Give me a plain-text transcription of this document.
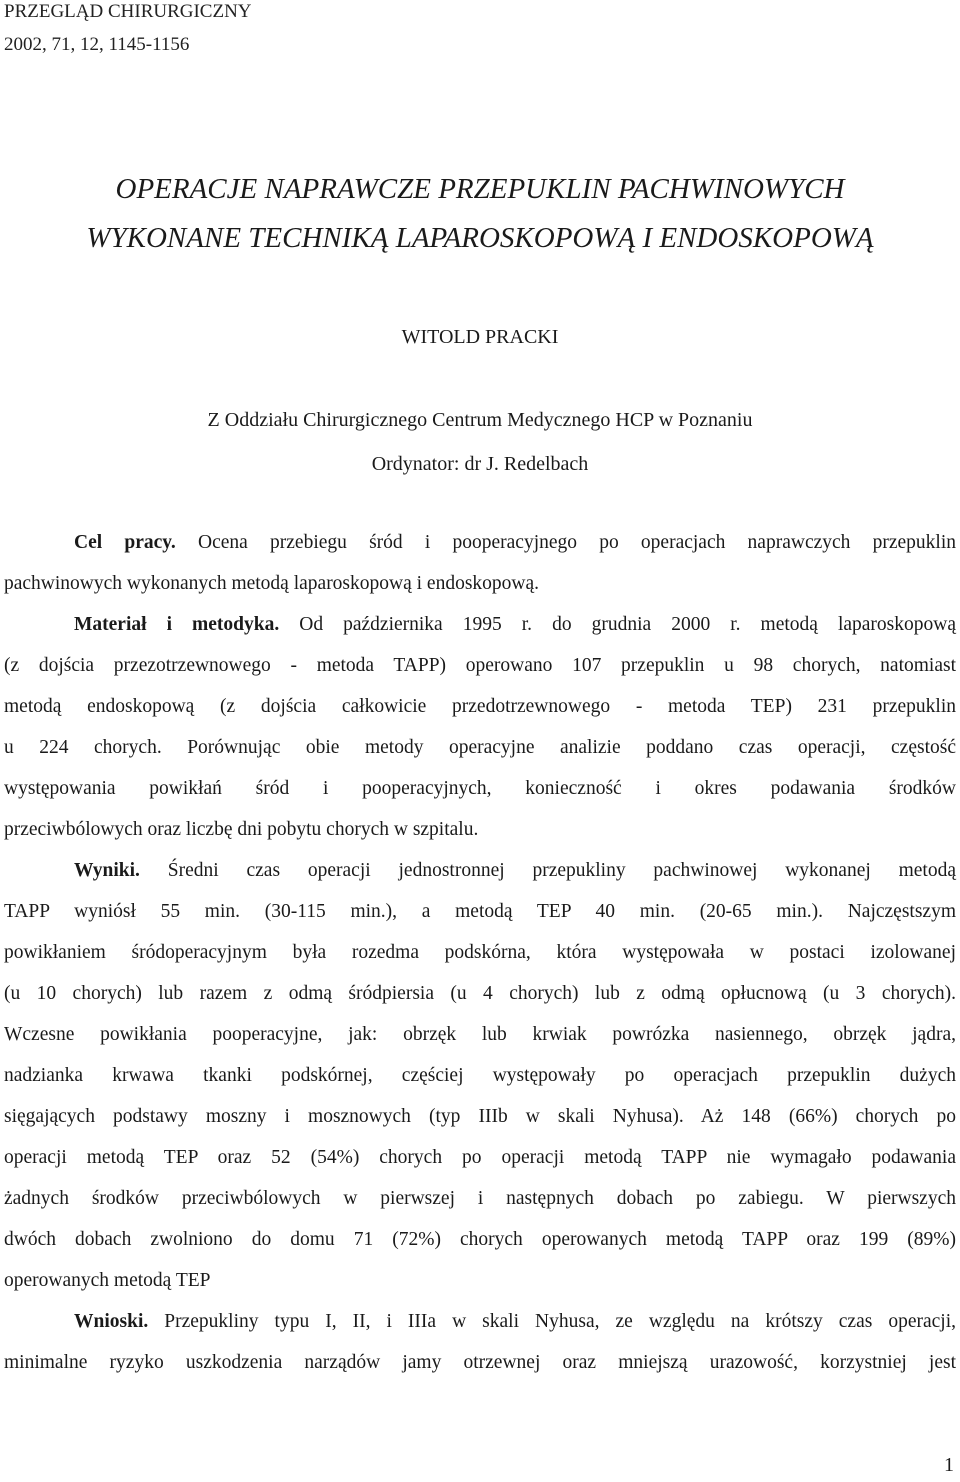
PRZEGLĄD CHIRURGICZNY
2002, 71, 12, 1145-1156
OPERACJE NAPRAWCZE PRZEPUKLIN PACHWINOWYCH
WYKONANE TECHNIKĄ LAPAROSKOPOWĄ I ENDOSKOPOWĄ
WITOLD PRACKI
Z Oddziału Chirurgicznego Centrum Medycznego HCP w Poznaniu
Ordynator: dr J. Redelbach
Cel pracy. Ocena przebiegu śród i pooperacyjnego po operacjach naprawczych przepuklin
pachwinowych wykonanych metodą laparoskopową i endoskopową.
Materiał i metodyka. Od października 1995 r. do grudnia 2000 r. metodą laparoskopową
(z dojścia przezotrzewnowego - metoda TAPP) operowano 107 przepuklin u 98 chorych, natomiast
metodą endoskopową (z dojścia całkowicie przedotrzewnowego - metoda TEP) 231 przepuklin
u 224 chorych. Porównując obie metody operacyjne analizie poddano czas operacji, częstość
występowania powikłań śród i pooperacyjnych, konieczność i okres podawania środków
przeciwbólowych oraz liczbę dni pobytu chorych w szpitalu.
Wyniki. Średni czas operacji jednostronnej przepukliny pachwinowej wykonanej metodą
TAPP wyniósł 55 min. (30-115 min.), a metodą TEP 40 min. (20-65 min.). Najczęstszym
powikłaniem śródoperacyjnym była rozedma podskórna, która występowała w postaci izolowanej
(u 10 chorych) lub razem z odmą śródpiersia (u 4 chorych) lub z odmą opłucnową (u 3 chorych).
Wczesne powikłania pooperacyjne, jak: obrzęk lub krwiak powrózka nasiennego, obrzęk jądra,
nadzianka krwawa tkanki podskórnej, częściej występowały po operacjach przepuklin dużych
sięgających podstawy moszny i mosznowych (typ IIIb w skali Nyhusa). Aż 148 (66%) chorych po
operacji metodą TEP oraz 52 (54%) chorych po operacji metodą TAPP nie wymagało podawania
żadnych środków przeciwbólowych w pierwszej i następnych dobach po zabiegu. W pierwszych
dwóch dobach zwolniono do domu 71 (72%) chorych operowanych metodą TAPP oraz 199 (89%)
operowanych metodą TEP
Wnioski. Przepukliny typu I, II, i IIIa w skali Nyhusa, ze względu na krótszy czas operacji,
minimalne ryzyko uszkodzenia narządów jamy otrzewnej oraz mniejszą urazowość, korzystniej jest
1
